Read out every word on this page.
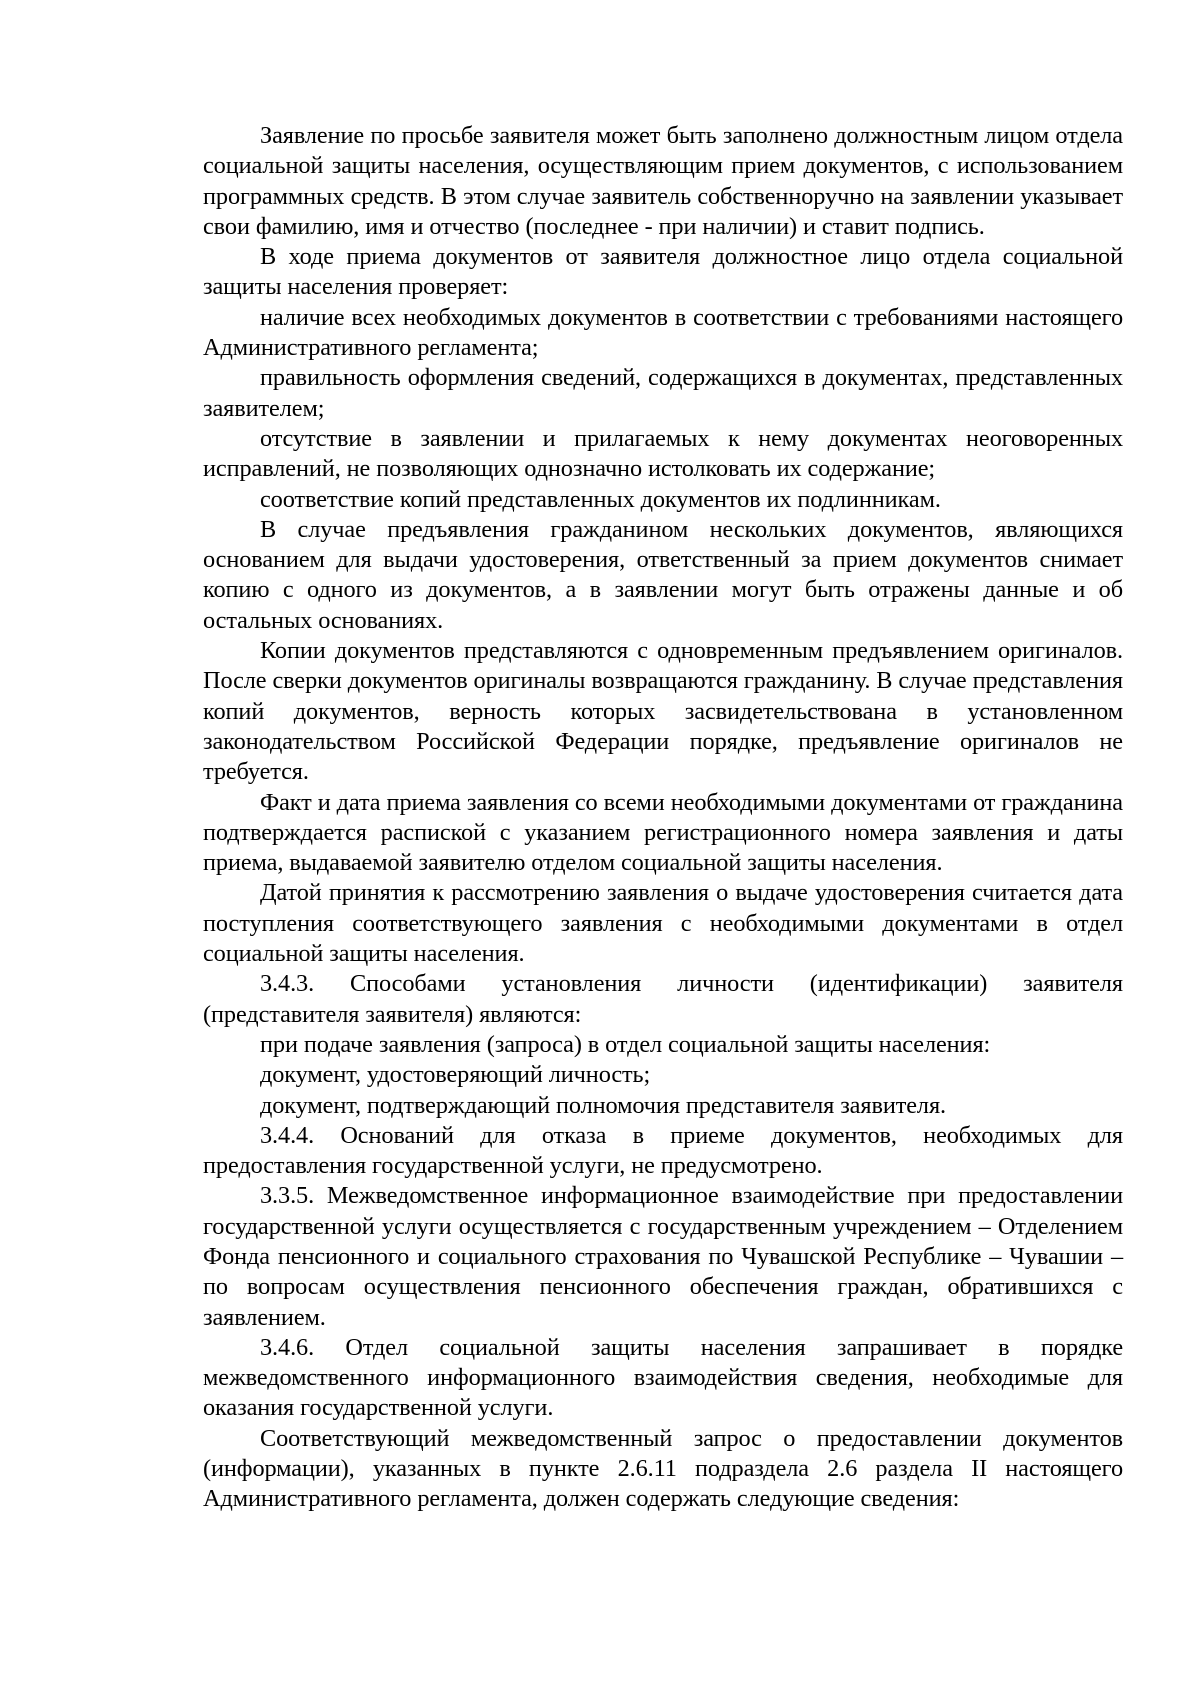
Заявление по просьбе заявителя может быть заполнено должностным лицом отдела социальной защиты населения, осуществляющим прием документов, с использованием программных средств. В этом случае заявитель собственноручно на заявлении указывает свои фамилию, имя и отчество (последнее - при наличии) и ставит подпись.

В ходе приема документов от заявителя должностное лицо отдела социальной защиты населения проверяет:

наличие всех необходимых документов в соответствии с требованиями настоящего Административного регламента;

правильность оформления сведений, содержащихся в документах, представленных заявителем;

отсутствие в заявлении и прилагаемых к нему документах неоговоренных исправлений, не позволяющих однозначно истолковать их содержание;

соответствие копий представленных документов их подлинникам.

В случае предъявления гражданином нескольких документов, являющихся основанием для выдачи удостоверения, ответственный за прием документов снимает копию с одного из документов, а в заявлении могут быть отражены данные и об остальных основаниях.

Копии документов представляются с одновременным предъявлением оригиналов. После сверки документов оригиналы возвращаются гражданину. В случае представления копий документов, верность которых засвидетельствована в установленном законодательством Российской Федерации порядке, предъявление оригиналов не требуется.

Факт и дата приема заявления со всеми необходимыми документами от гражданина подтверждается распиской с указанием регистрационного номера заявления и даты приема, выдаваемой заявителю отделом социальной защиты населения.

Датой принятия к рассмотрению заявления о выдаче удостоверения считается дата поступления соответствующего заявления с необходимыми документами в отдел социальной защиты населения.

3.4.3. Способами установления личности (идентификации) заявителя (представителя заявителя) являются:

при подаче заявления (запроса) в отдел социальной защиты населения:

документ, удостоверяющий личность;

документ, подтверждающий полномочия представителя заявителя.

3.4.4. Оснований для отказа в приеме документов, необходимых для предоставления государственной услуги, не предусмотрено.

3.3.5. Межведомственное информационное взаимодействие при предоставлении государственной услуги осуществляется с государственным учреждением – Отделением Фонда пенсионного и социального страхования по Чувашской Республике – Чувашии – по вопросам осуществления пенсионного обеспечения граждан, обратившихся с заявлением.

3.4.6. Отдел социальной защиты населения запрашивает в порядке межведомственного информационного взаимодействия сведения, необходимые для оказания государственной услуги.

Соответствующий межведомственный запрос о предоставлении документов (информации), указанных в пункте 2.6.11 подраздела 2.6 раздела II настоящего Административного регламента, должен содержать следующие сведения:
